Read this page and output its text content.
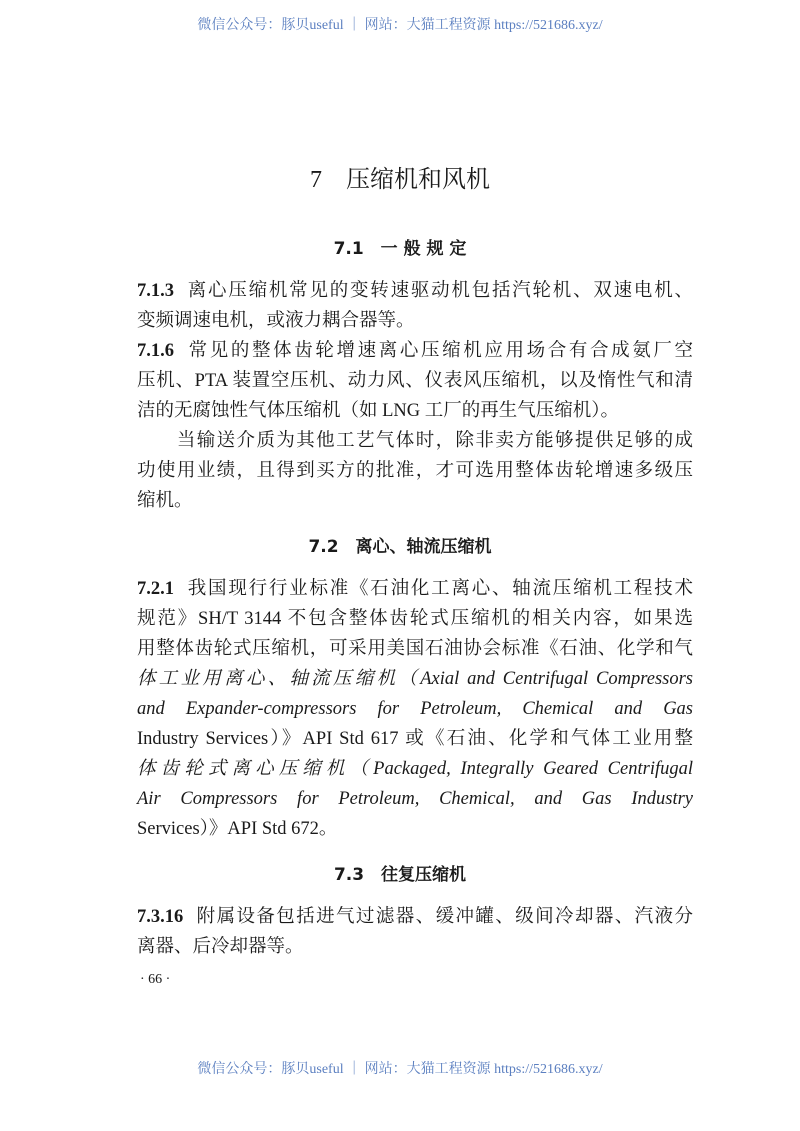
微信公众号：豚贝useful ｜ 网站：大猫工程资源 https://521686.xyz/
7 压缩机和风机
7.1　一 般 规 定
7.1.3 离心压缩机常见的变转速驱动机包括汽轮机、双速电机、
变频调速电机，或液力耦合器等。
7.1.6 常见的整体齿轮增速离心压缩机应用场合有合成氨厂空
压机、PTA 装置空压机、动力风、仪表风压缩机，以及惰性气和清
洁的无腐蚀性气体压缩机（如 LNG 工厂的再生气压缩机）。
　　当输送介质为其他工艺气体时，除非卖方能够提供足够的成
功使用业绩，且得到买方的批准，才可选用整体齿轮增速多级压
缩机。
7.2　离心、轴流压缩机
7.2.1 我国现行行业标准《石油化工离心、轴流压缩机工程技术
规范》SH/T 3144 不包含整体齿轮式压缩机的相关内容，如果选
用整体齿轮式压缩机，可采用美国石油协会标准《石油、化学和气
体工业用离心、轴流压缩机（Axial and Centrifugal Compressors
and Expander-compressors for Petroleum, Chemical and Gas
Industry Services）》API Std 617 或《石油、化学和气体工业用整
体齿轮式离心压缩机（Packaged, Integrally Geared Centrifugal
Air Compressors for Petroleum, Chemical, and Gas Industry
Services）》API Std 672。
7.3　往复压缩机
7.3.16 附属设备包括进气过滤器、缓冲罐、级间冷却器、汽液分
离器、后冷却器等。
· 66 ·
微信公众号：豚贝useful ｜ 网站：大猫工程资源 https://521686.xyz/
